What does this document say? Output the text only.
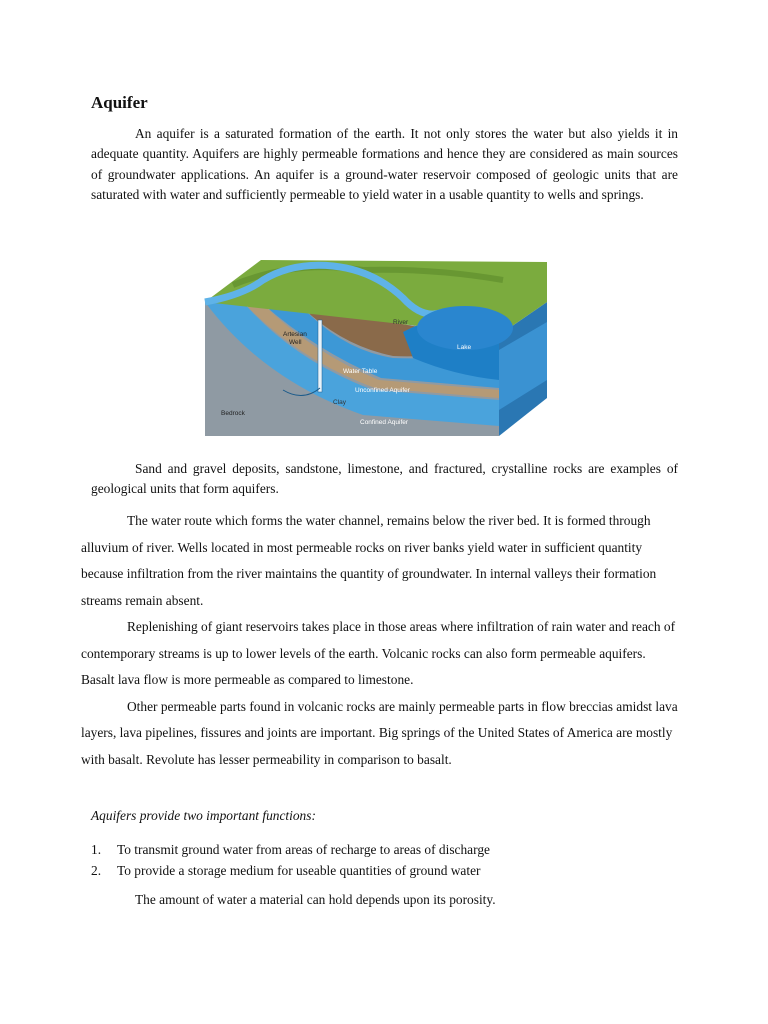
Aquifer
An aquifer is a saturated formation of the earth. It not only stores the water but also yields it in adequate quantity. Aquifers are highly permeable formations and hence they are considered as main sources of groundwater applications. An aquifer is a ground-water reservoir composed of geologic units that are saturated with water and sufficiently permeable to yield water in a usable quantity to wells and springs.
River
Artesian
Well
Lake
Water Table
Unconfined Aquifer
Clay
Bedrock
Confined Aquifer
Sand and gravel deposits, sandstone, limestone, and fractured, crystalline rocks are examples of geological units that form aquifers.

The water route which forms the water channel, remains below the river bed. It is formed through alluvium of river. Wells located in most permeable rocks on river banks yield water in sufficient quantity because infiltration from the river maintains the quantity of groundwater. In internal valleys their formation streams remain absent.

Replenishing of giant reservoirs takes place in those areas where infiltration of rain water and reach of contemporary streams is up to lower levels of the earth. Volcanic rocks can also form permeable aquifers. Basalt lava flow is more permeable as compared to limestone.

Other permeable parts found in volcanic rocks are mainly permeable parts in flow breccias amidst lava layers, lava pipelines, fissures and joints are important. Big springs of the United States of America are mostly with basalt. Revolute has lesser permeability in comparison to basalt.

Aquifers provide two important functions:
1. To transmit ground water from areas of recharge to areas of discharge
2. To provide a storage medium for useable quantities of ground water
The amount of water a material can hold depends upon its porosity.
